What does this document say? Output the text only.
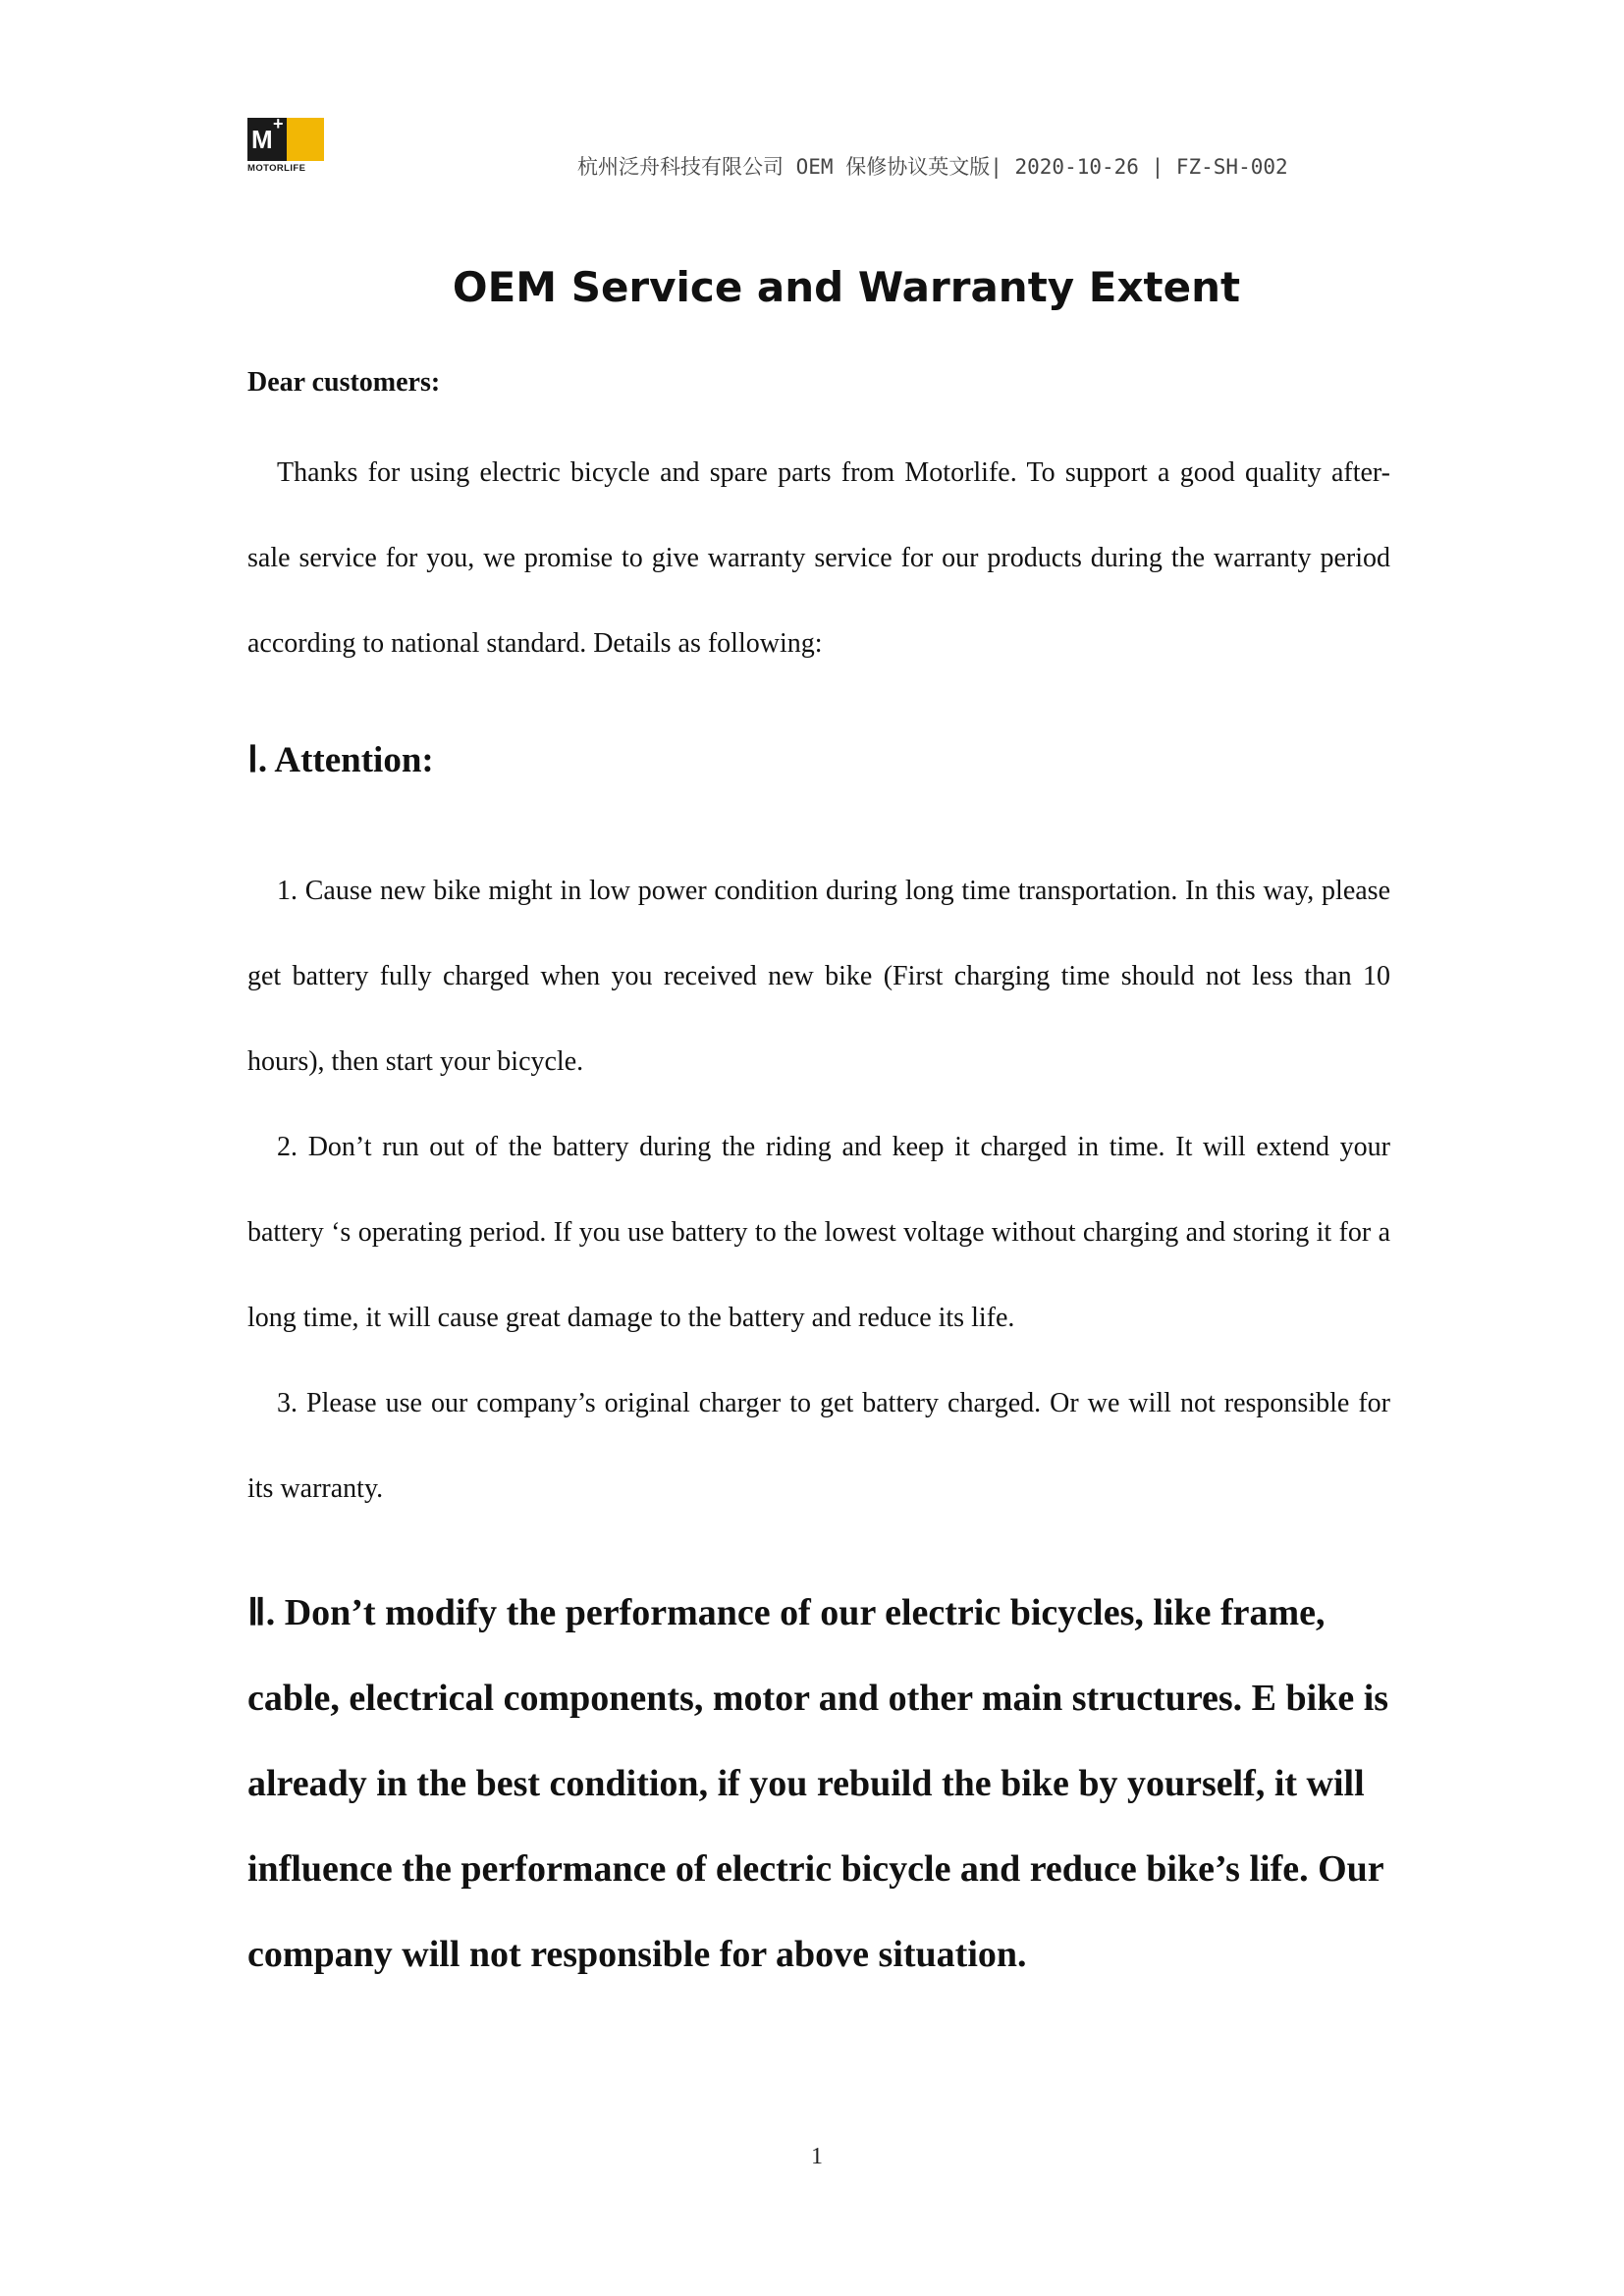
M
+
MOTORLIFE	杭州泛舟科技有限公司 OEM 保修协议英文版| 2020-10-26 | FZ-SH-002
OEM Service and Warranty Extent
Dear customers:
Thanks for using electric bicycle and spare parts from Motorlife. To support a good quality after- sale service for you, we promise to give warranty service for our products during the warranty period according to national standard. Details as following:
Ⅰ. Attention:

1. Cause new bike might in low power condition during long time transportation. In this way, please get battery fully charged when you received new bike (First charging time should not less than 10 hours), then start your bicycle.

2. Don’t run out of the battery during the riding and keep it charged in time. It will extend your battery ‘s operating period. If you use battery to the lowest voltage without charging and storing it for a long time, it will cause great damage to the battery and reduce its life.

3. Please use our company’s original charger to get battery charged. Or we will not responsible for its warranty.

Ⅱ. Don’t modify the performance of our electric bicycles, like frame, cable, electrical components, motor and other main structures. E bike is already in the best condition, if you rebuild the bike by yourself, it will influence the performance of electric bicycle and reduce bike’s life. Our company will not responsible for above situation.
1
